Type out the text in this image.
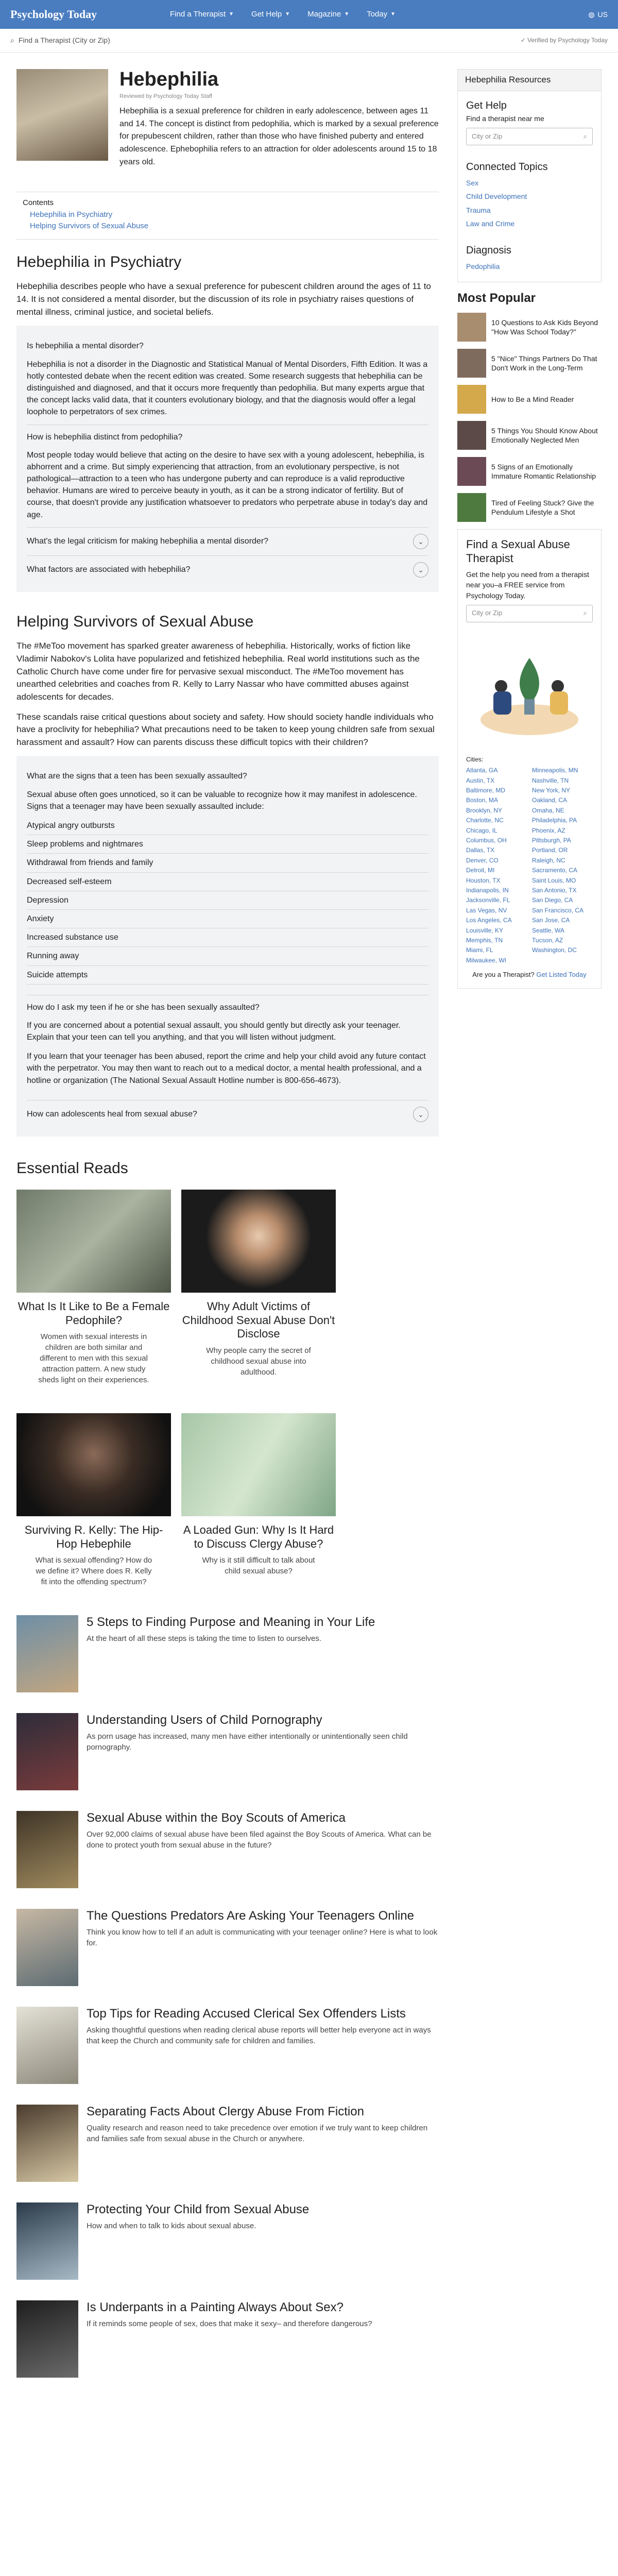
Psychology Today	Find a Therapist ▼ Get Help ▼ Magazine ▼ Today ▼	◍ US
⌕ Find a Therapist (City or Zip)	✓ Verified by Psychology Today
Hebephilia
Reviewed by Psychology Today Staff
Hebephilia is a sexual preference for children in early adolescence, between ages 11 and 14. The concept is distinct from pedophilia, which is marked by a sexual preference for prepubescent children, rather than those who have finished puberty and entered adolescence. Ephebophilia refers to an attraction for older adolescents around 15 to 18 years old.
Contents
Hebephilia in Psychiatry
Helping Survivors of Sexual Abuse
Hebephilia in Psychiatry

Hebephilia describes people who have a sexual preference for pubescent children around the ages of 11 to 14. It is not considered a mental disorder, but the discussion of its role in psychiatry raises questions of mental illness, criminal justice, and societal beliefs.

Is hebephilia a mental disorder?
Hebephilia is not a disorder in the Diagnostic and Statistical Manual of Mental Disorders, Fifth Edition. It was a hotly contested debate when the recent edition was created. Some research suggests that hebephilia can be distinguished and diagnosed, and that it occurs more frequently than pedophilia. But many experts argue that the concept lacks valid data, that it counters evolutionary biology, and that the diagnosis would offer a legal loophole to perpetrators of sex crimes.
How is hebephilia distinct from pedophilia?
Most people today would believe that acting on the desire to have sex with a young adolescent, hebephilia, is abhorrent and a crime. But simply experiencing that attraction, from an evolutionary perspective, is not pathological—attraction to a teen who has undergone puberty and can reproduce is a valid reproductive behavior. Humans are wired to perceive beauty in youth, as it can be a strong indicator of fertility. But of course, that doesn't provide any justification whatsoever to predators who perpetrate abuse in today's day and age.
What's the legal criticism for making hebephilia a mental disorder?	⌄
What factors are associated with hebephilia?	⌄
Helping Survivors of Sexual Abuse

The #MeToo movement has sparked greater awareness of hebephilia. Historically, works of fiction like Vladimir Nabokov's Lolita have popularized and fetishized hebephilia. Real world institutions such as the Catholic Church have come under fire for pervasive sexual misconduct. The #MeToo movement has unearthed celebrities and coaches from R. Kelly to Larry Nassar who have committed abuses against adolescents for decades.

These scandals raise critical questions about society and safety. How should society handle individuals who have a proclivity for hebephilia? What precautions need to be taken to keep young children safe from sexual harassment and assault? How can parents discuss these difficult topics with their children?

What are the signs that a teen has been sexually assaulted?
Sexual abuse often goes unnoticed, so it can be valuable to recognize how it may manifest in adolescence. Signs that a teenager may have been sexually assaulted include:
Atypical angry outbursts
Sleep problems and nightmares
Withdrawal from friends and family
Decreased self-esteem
Depression
Anxiety
Increased substance use
Running away
Suicide attempts
How do I ask my teen if he or she has been sexually assaulted?

If you are concerned about a potential sexual assault, you should gently but directly ask your teenager. Explain that your teen can tell you anything, and that you will listen without judgment.

If you learn that your teenager has been abused, report the crime and help your child avoid any future contact with the perpetrator. You may then want to reach out to a medical doctor, a mental health professional, and a hotline or organization (The National Sexual Assault Hotline number is 800-656-4673).

How can adolescents heal from sexual abuse?	⌄
Essential Reads
What Is It Like to Be a Female Pedophile?

Women with sexual interests in children are both similar and different to men with this sexual attraction pattern. A new study sheds light on their experiences.

Why Adult Victims of Childhood Sexual Abuse Don't Disclose

Why people carry the secret of childhood sexual abuse into adulthood.

Surviving R. Kelly: The Hip-Hop Hebephile

What is sexual offending? How do we define it? Where does R. Kelly fit into the offending spectrum?

A Loaded Gun: Why Is It Hard to Discuss Clergy Abuse?

Why is it still difficult to talk about child sexual abuse?

5 Steps to Finding Purpose and Meaning in Your Life

At the heart of all these steps is taking the time to listen to ourselves.

Understanding Users of Child Pornography

As porn usage has increased, many men have either intentionally or unintentionally seen child pornography.

Sexual Abuse within the Boy Scouts of America

Over 92,000 claims of sexual abuse have been filed against the Boy Scouts of America. What can be done to protect youth from sexual abuse in the future?

The Questions Predators Are Asking Your Teenagers Online

Think you know how to tell if an adult is communicating with your teenager online? Here is what to look for.

Top Tips for Reading Accused Clerical Sex Offenders Lists

Asking thoughtful questions when reading clerical abuse reports will better help everyone act in ways that keep the Church and community safe for children and families.

Separating Facts About Clergy Abuse From Fiction

Quality research and reason need to take precedence over emotion if we truly want to keep children and families safe from sexual abuse in the Church or anywhere.

Protecting Your Child from Sexual Abuse

How and when to talk to kids about sexual abuse.

Is Underpants in a Painting Always About Sex?

If it reminds some people of sex, does that make it sexy– and therefore dangerous?

Hebephilia Resources
Get Help
Find a therapist near me
City or Zip	⌕
Connected Topics
Sex
Child Development
Trauma
Law and Crime
Diagnosis
Pedophilia
Most Popular
10 Questions to Ask Kids Beyond "How Was School Today?"
5 "Nice" Things Partners Do That Don't Work in the Long-Term
How to Be a Mind Reader
5 Things You Should Know About Emotionally Neglected Men
5 Signs of an Emotionally Immature Romantic Relationship
Tired of Feeling Stuck? Give the Pendulum Lifestyle a Shot
Find a Sexual Abuse Therapist

Get the help you need from a therapist near you–a FREE service from Psychology Today.

City or Zip	⌕
Cities:
Atlanta, GA	Minneapolis, MN
Austin, TX	Nashville, TN
Baltimore, MD	New York, NY
Boston, MA	Oakland, CA
Brooklyn, NY	Omaha, NE
Charlotte, NC	Philadelphia, PA
Chicago, IL	Phoenix, AZ
Columbus, OH	Pittsburgh, PA
Dallas, TX	Portland, OR
Denver, CO	Raleigh, NC
Detroit, MI	Sacramento, CA
Houston, TX	Saint Louis, MO
Indianapolis, IN	San Antonio, TX
Jacksonville, FL	San Diego, CA
Las Vegas, NV	San Francisco, CA
Los Angeles, CA	San Jose, CA
Louisville, KY	Seattle, WA
Memphis, TN	Tucson, AZ
Miami, FL	Washington, DC
Milwaukee, WI
Are you a Therapist? Get Listed Today
